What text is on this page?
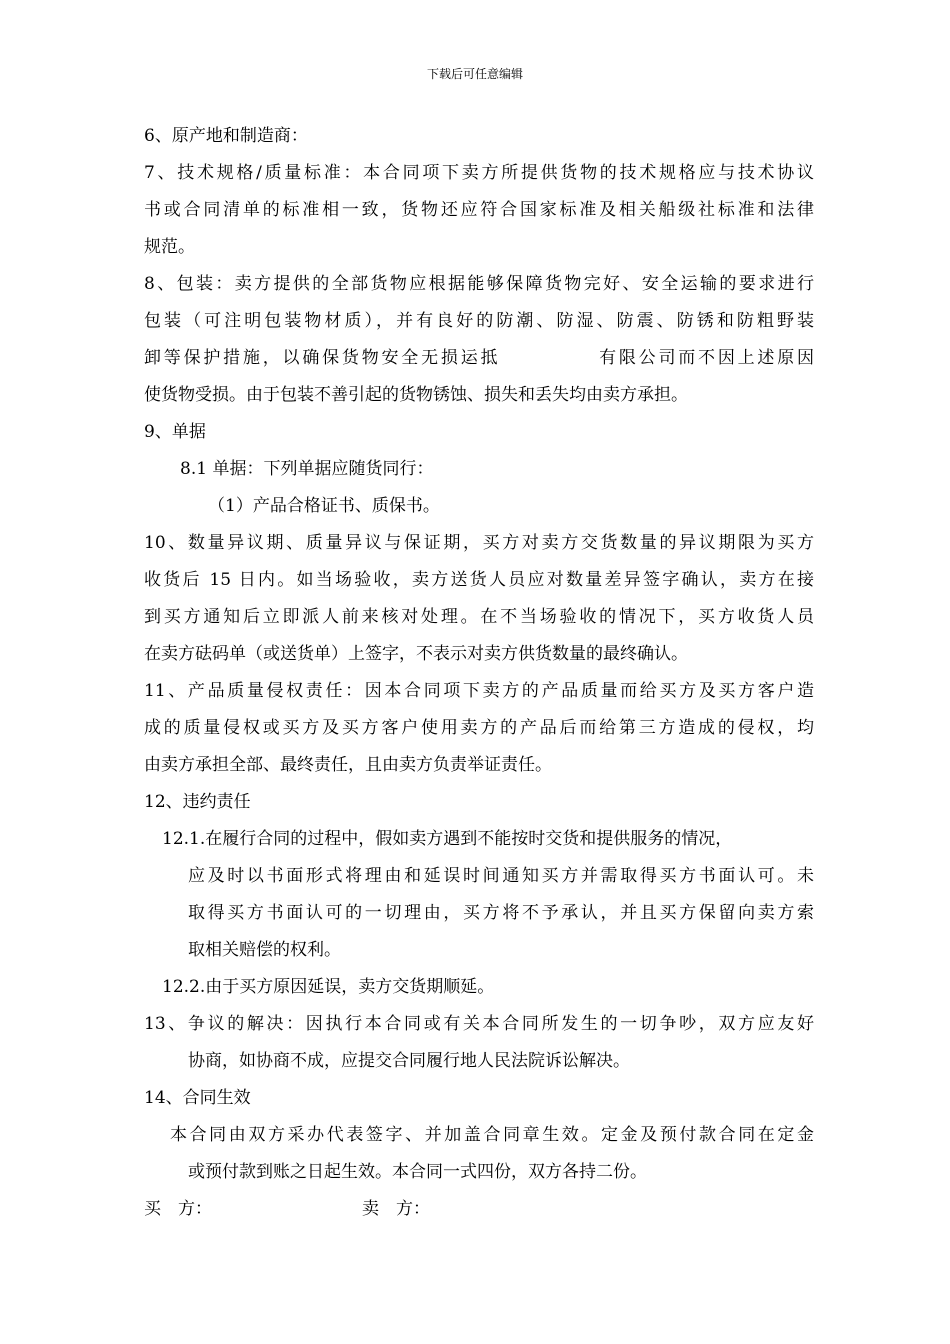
下载后可任意编辑

6、原产地和制造商：

7、技术规格/质量标准：本合同项下卖方所提供货物的技术规格应与技术协议

书或合同清单的标准相一致，货物还应符合国家标准及相关船级社标准和法律

规范。

8、包装：卖方提供的全部货物应根据能够保障货物完好、安全运输的要求进行

包装（可注明包装物材质），并有良好的防潮、防湿、防震、防锈和防粗野装

卸等保护措施，以确保货物安全无损运抵	有限公司而不因上述原因

使货物受损。由于包装不善引起的货物锈蚀、损失和丢失均由卖方承担。

9、单据

8.1 单据：下列单据应随货同行：

（1）产品合格证书、质保书。

10、数量异议期、质量异议与保证期，买方对卖方交货数量的异议期限为买方

收货后 15 日内。如当场验收，卖方送货人员应对数量差异签字确认，卖方在接

到买方通知后立即派人前来核对处理。在不当场验收的情况下，买方收货人员

在卖方砝码单（或送货单）上签字，不表示对卖方供货数量的最终确认。

11、产品质量侵权责任：因本合同项下卖方的产品质量而给买方及买方客户造

成的质量侵权或买方及买方客户使用卖方的产品后而给第三方造成的侵权，均

由卖方承担全部、最终责任，且由卖方负责举证责任。

12、违约责任

12.1.在履行合同的过程中，假如卖方遇到不能按时交货和提供服务的情况，

应及时以书面形式将理由和延误时间通知买方并需取得买方书面认可。未

取得买方书面认可的一切理由，买方将不予承认，并且买方保留向卖方索

取相关赔偿的权利。

12.2.由于买方原因延误，卖方交货期顺延。

13、争议的解决：因执行本合同或有关本合同所发生的一切争吵，双方应友好

协商，如协商不成，应提交合同履行地人民法院诉讼解决。

14、合同生效

本合同由双方采办代表签字、并加盖合同章生效。定金及预付款合同在定金

或预付款到账之日起生效。本合同一式四份，双方各持二份。

买　方：	卖　方：
